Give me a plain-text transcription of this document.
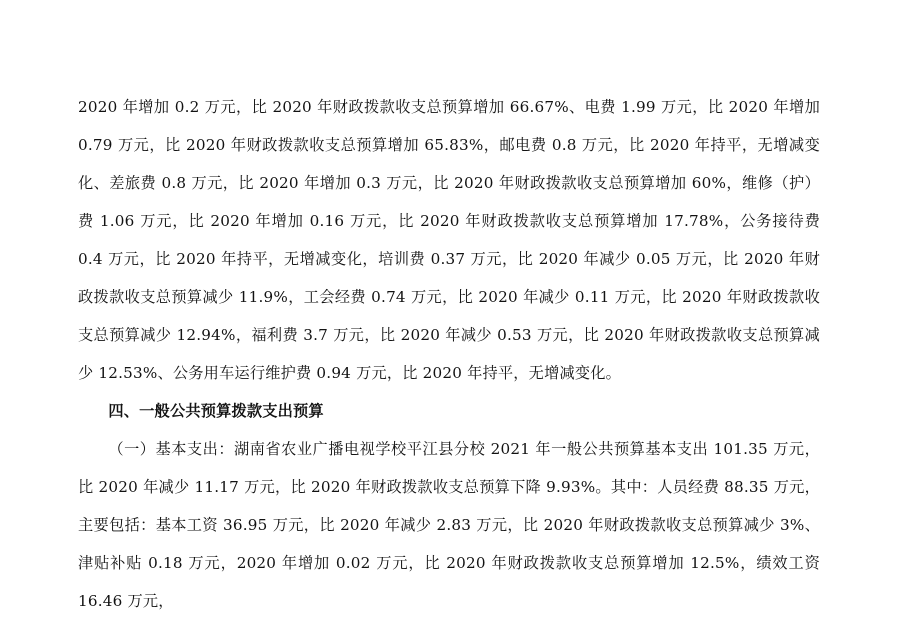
2020 年增加 0.2 万元，比 2020 年财政拨款收支总预算增加 66.67%、电费 1.99 万元，比 2020 年增加 0.79 万元，比 2020 年财政拨款收支总预算增加 65.83%，邮电费 0.8 万元，比 2020 年持平，无增减变化、差旅费 0.8 万元，比 2020 年增加 0.3 万元，比 2020 年财政拨款收支总预算增加 60%，维修（护）费 1.06 万元，比 2020 年增加 0.16 万元，比 2020 年财政拨款收支总预算增加 17.78%，公务接待费 0.4 万元，比 2020 年持平，无增减变化，培训费 0.37 万元，比 2020 年减少 0.05 万元，比 2020 年财政拨款收支总预算减少 11.9%，工会经费 0.74 万元，比 2020 年减少 0.11 万元，比 2020 年财政拨款收支总预算减少 12.94%，福利费 3.7 万元，比 2020 年减少 0.53 万元，比 2020 年财政拨款收支总预算减少 12.53%、公务用车运行维护费 0.94 万元，比 2020 年持平，无增减变化。

四、一般公共预算拨款支出预算

（一）基本支出：湖南省农业广播电视学校平江县分校 2021 年一般公共预算基本支出 101.35 万元，比 2020 年减少 11.17 万元，比 2020 年财政拨款收支总预算下降 9.93%。其中：人员经费 88.35 万元，主要包括：基本工资 36.95 万元，比 2020 年减少 2.83 万元，比 2020 年财政拨款收支总预算减少 3%、津贴补贴 0.18 万元，2020 年增加 0.02 万元，比 2020 年财政拨款收支总预算增加 12.5%，绩效工资 16.46 万元，
